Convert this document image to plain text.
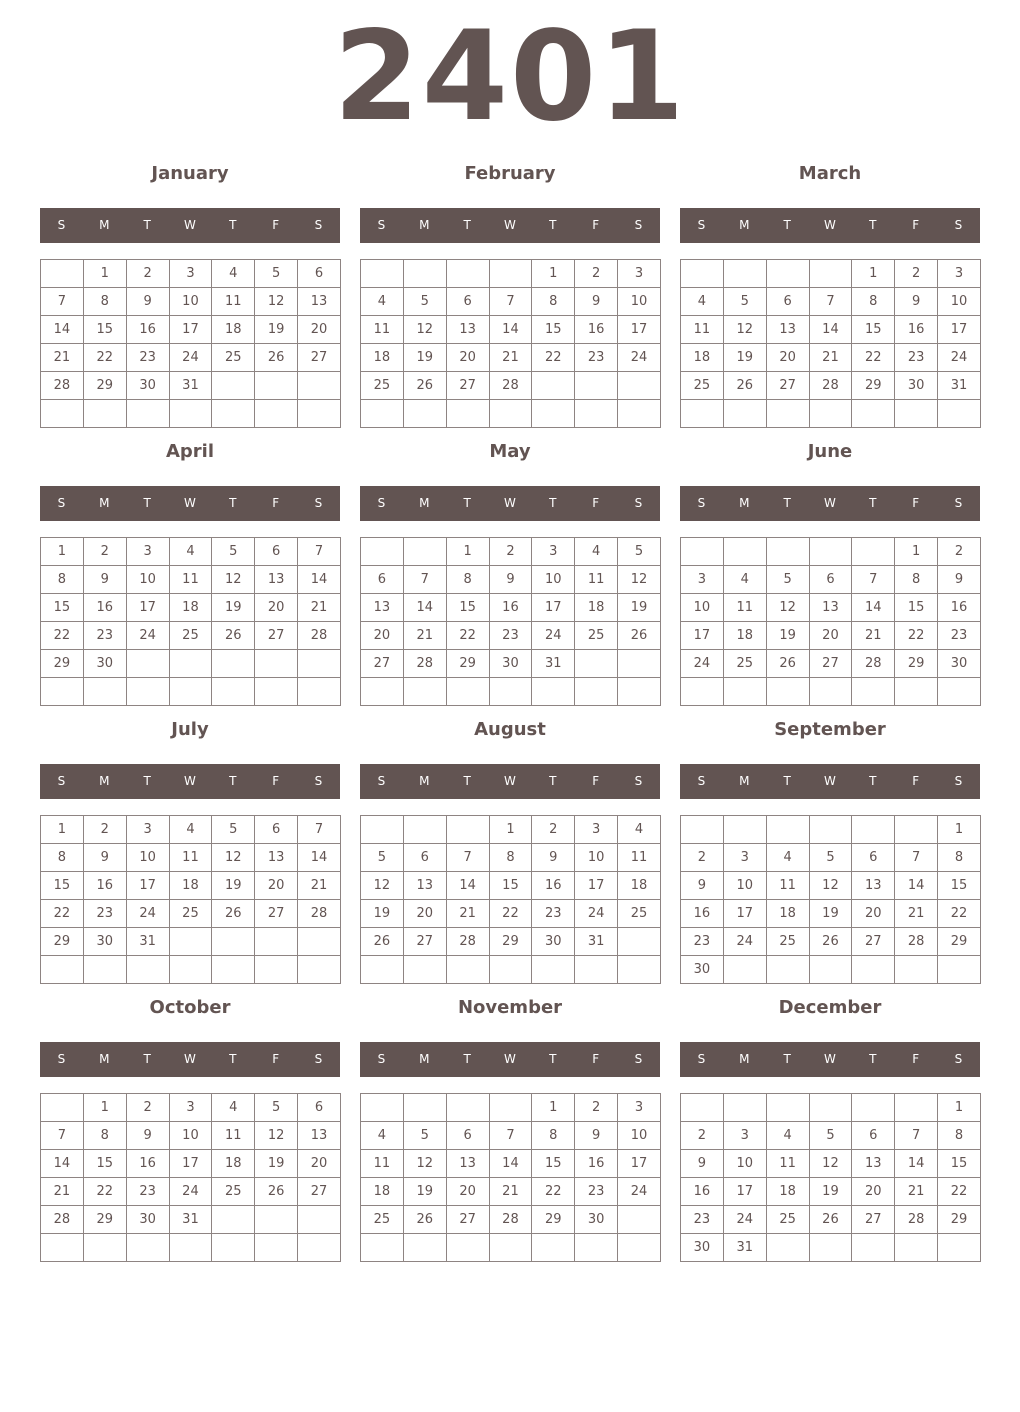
2401
January
S	M	T	W	T	F	S
	1	2	3	4	5	6
7	8	9	10	11	12	13
14	15	16	17	18	19	20
21	22	23	24	25	26	27
28	29	30	31			

February
S	M	T	W	T	F	S
				1	2	3
4	5	6	7	8	9	10
11	12	13	14	15	16	17
18	19	20	21	22	23	24
25	26	27	28			

March
S	M	T	W	T	F	S
				1	2	3
4	5	6	7	8	9	10
11	12	13	14	15	16	17
18	19	20	21	22	23	24
25	26	27	28	29	30	31

April
S	M	T	W	T	F	S
1	2	3	4	5	6	7
8	9	10	11	12	13	14
15	16	17	18	19	20	21
22	23	24	25	26	27	28
29	30					

May
S	M	T	W	T	F	S
		1	2	3	4	5
6	7	8	9	10	11	12
13	14	15	16	17	18	19
20	21	22	23	24	25	26
27	28	29	30	31		

June
S	M	T	W	T	F	S
					1	2
3	4	5	6	7	8	9
10	11	12	13	14	15	16
17	18	19	20	21	22	23
24	25	26	27	28	29	30

July
S	M	T	W	T	F	S
1	2	3	4	5	6	7
8	9	10	11	12	13	14
15	16	17	18	19	20	21
22	23	24	25	26	27	28
29	30	31				

August
S	M	T	W	T	F	S
			1	2	3	4
5	6	7	8	9	10	11
12	13	14	15	16	17	18
19	20	21	22	23	24	25
26	27	28	29	30	31	

September
S	M	T	W	T	F	S
						1
2	3	4	5	6	7	8
9	10	11	12	13	14	15
16	17	18	19	20	21	22
23	24	25	26	27	28	29
30						
October
S	M	T	W	T	F	S
	1	2	3	4	5	6
7	8	9	10	11	12	13
14	15	16	17	18	19	20
21	22	23	24	25	26	27
28	29	30	31			

November
S	M	T	W	T	F	S
				1	2	3
4	5	6	7	8	9	10
11	12	13	14	15	16	17
18	19	20	21	22	23	24
25	26	27	28	29	30	

December
S	M	T	W	T	F	S
						1
2	3	4	5	6	7	8
9	10	11	12	13	14	15
16	17	18	19	20	21	22
23	24	25	26	27	28	29
30	31					
